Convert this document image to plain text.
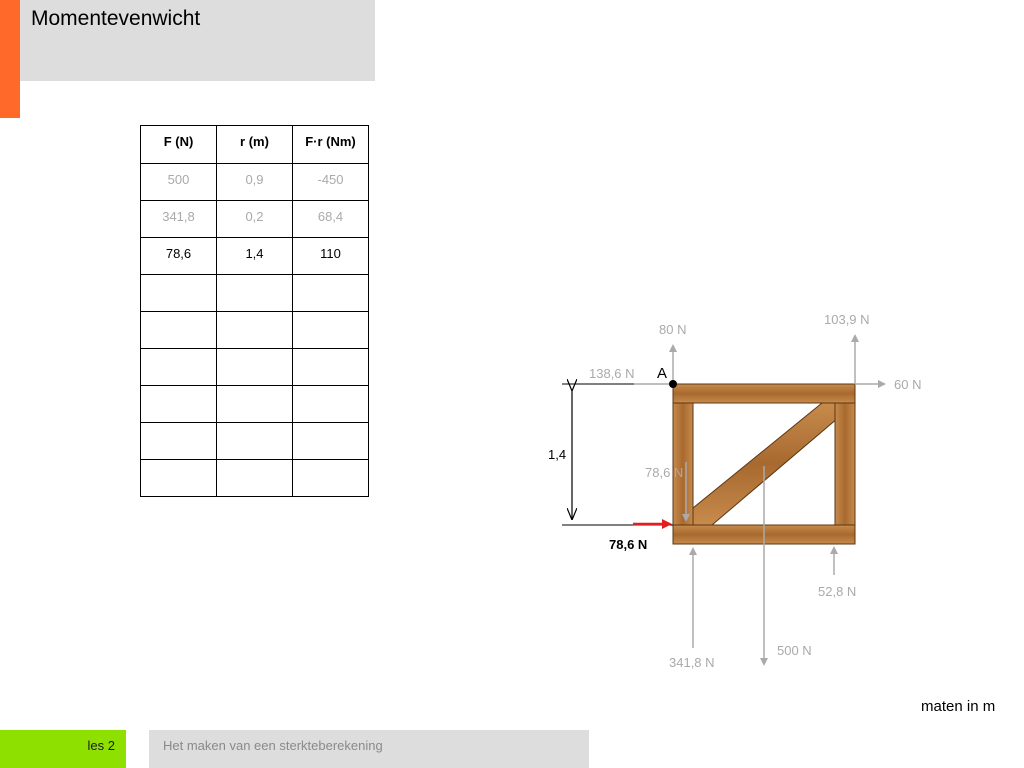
Momentevenwicht
F (N)	r (m)	F·r (Nm)
500	0,9	-450
341,8	0,2	68,4
78,6	1,4	110

A
1,4
80 N
103,9 N
138,6 N
60 N
78,6 N
78,6 N
52,8 N
500 N
341,8 N
maten in m
les 2	Het maken van een sterkteberekening
